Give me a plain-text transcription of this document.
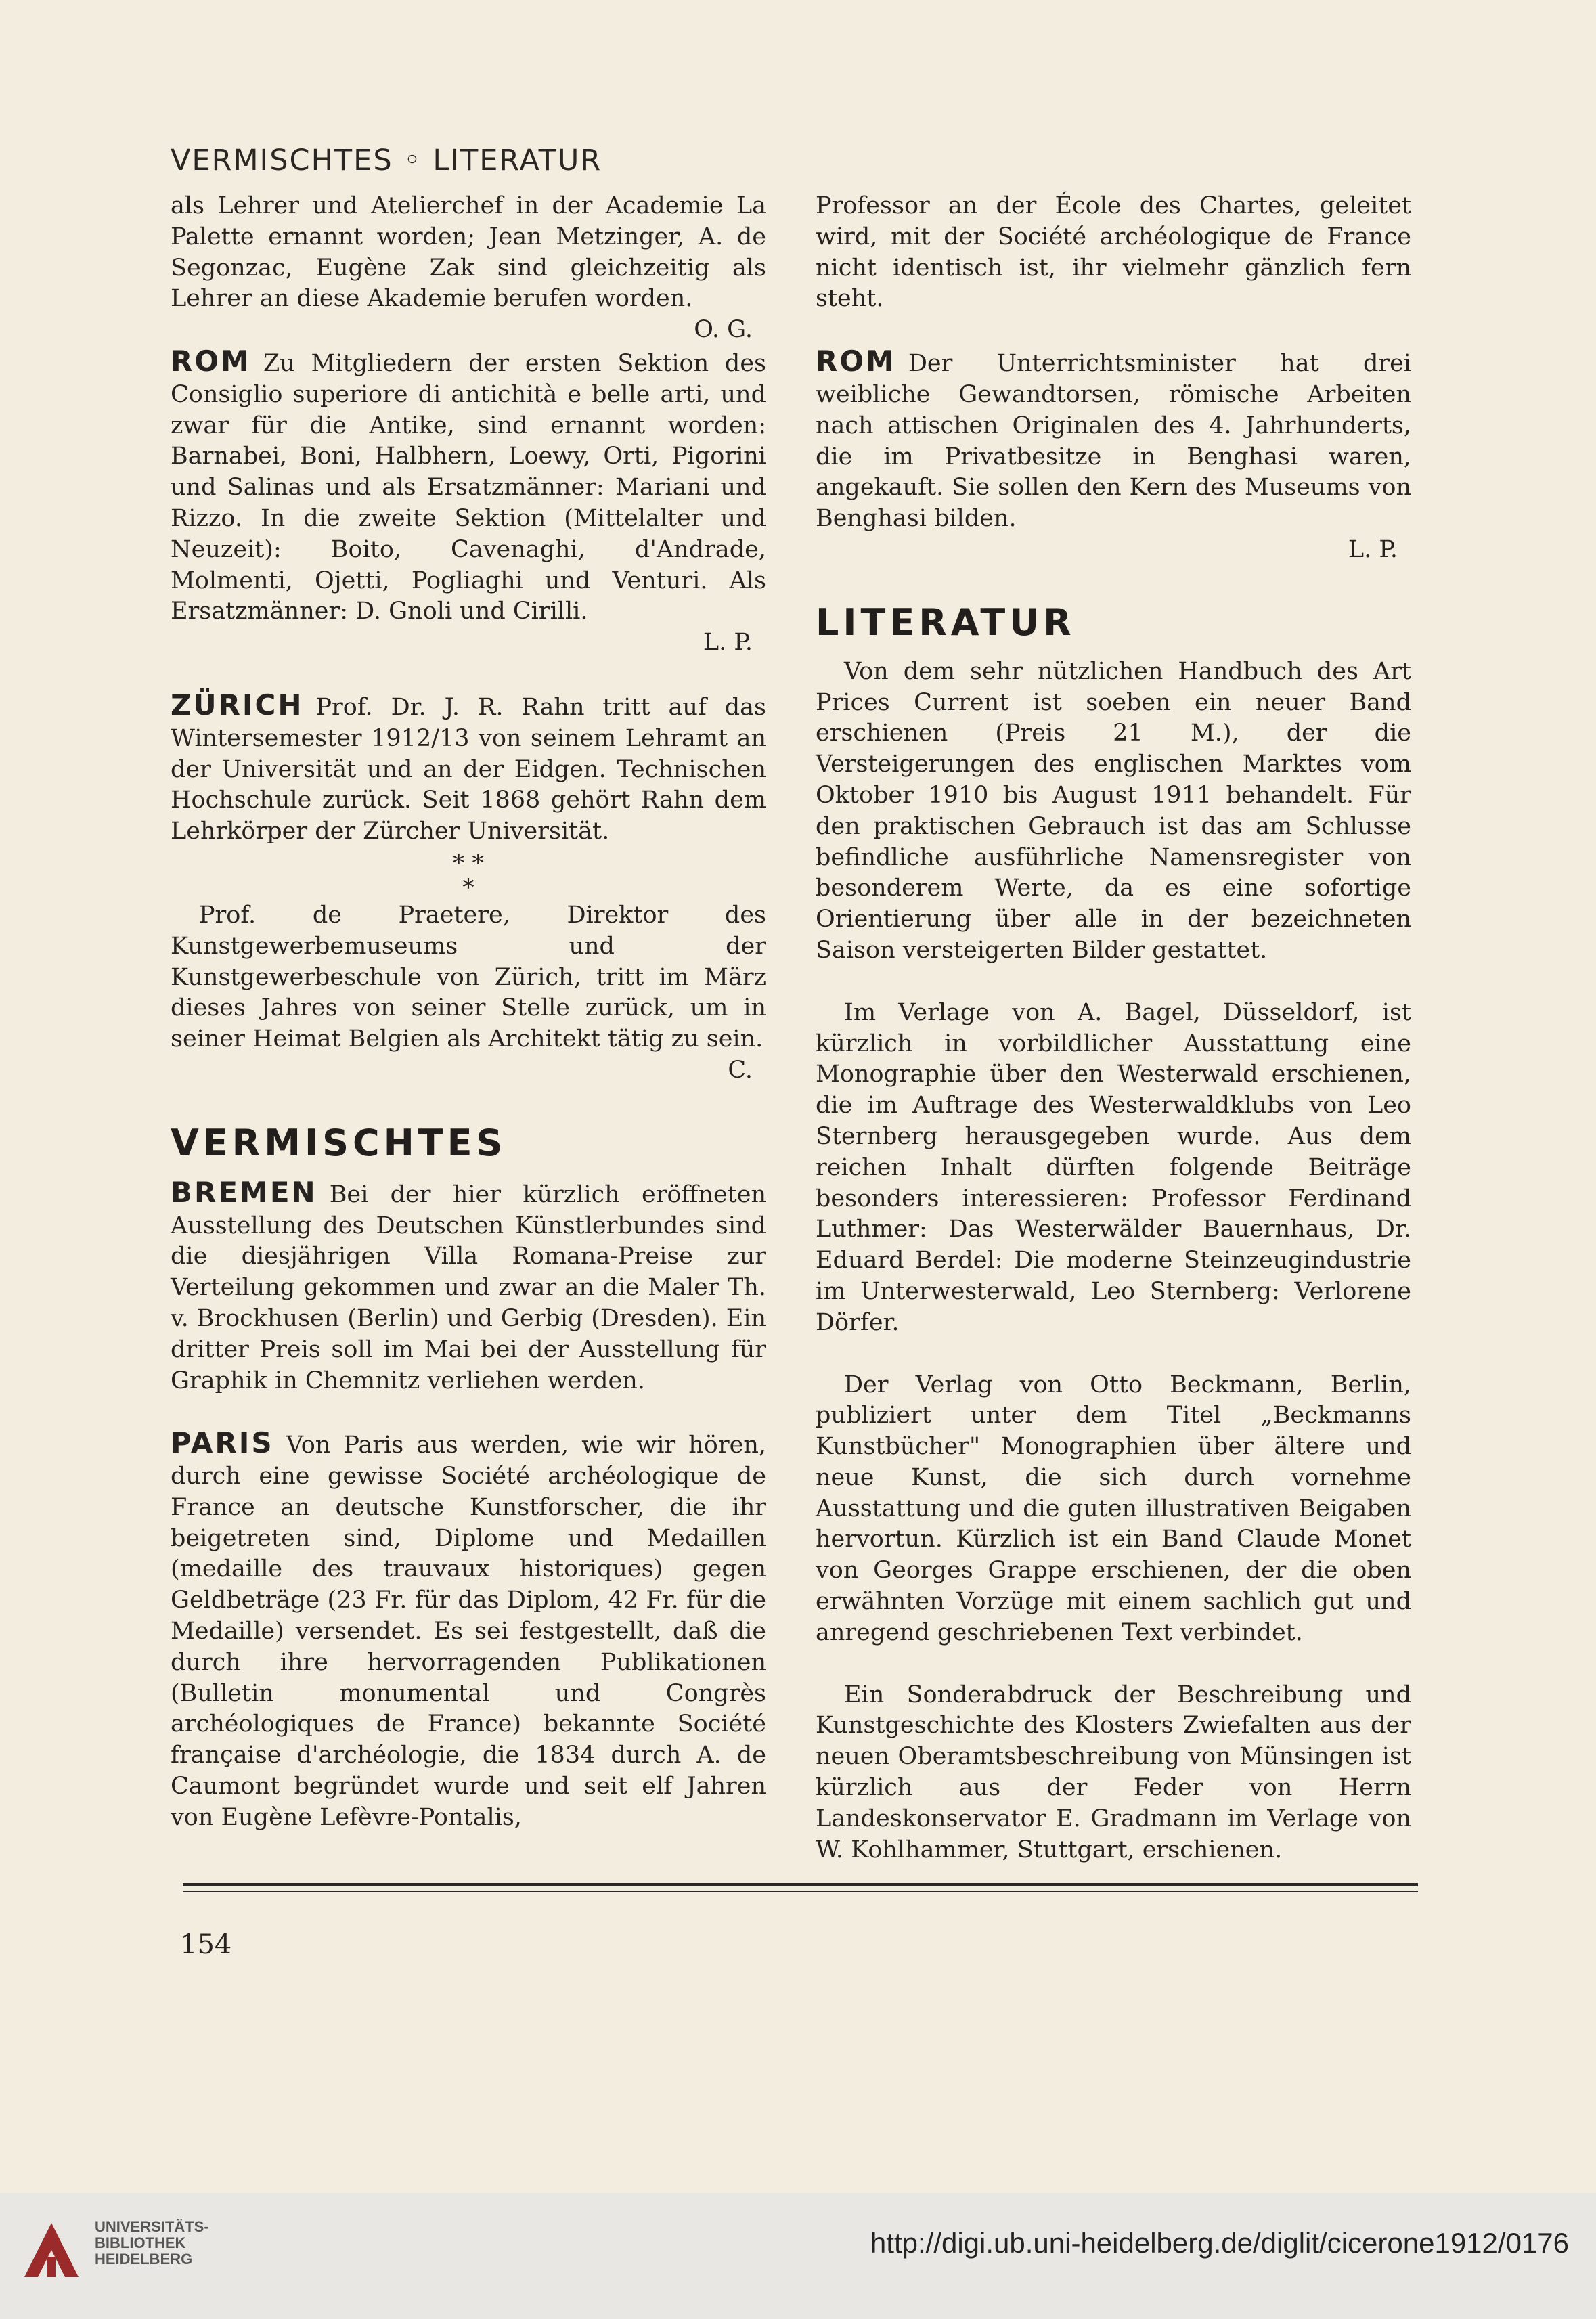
VERMISCHTES ◦ LITERATUR

als Lehrer und Atelierchef in der Academie La Palette ernannt worden; Jean Metzinger, A. de Segonzac, Eugène Zak sind gleichzeitig als Lehrer an diese Akademie berufen worden.

O. G.

ROM Zu Mitgliedern der ersten Sektion des Consiglio superiore di antichità e belle arti, und zwar für die Antike, sind ernannt worden: Barnabei, Boni, Halbhern, Loewy, Orti, Pigorini und Salinas und als Ersatzmänner: Mariani und Rizzo. In die zweite Sektion (Mittelalter und Neuzeit): Boito, Cavenaghi, d'Andrade, Molmenti, Ojetti, Pogliaghi und Venturi. Als Ersatzmänner: D. Gnoli und Cirilli.

L. P.

ZÜRICH Prof. Dr. J. R. Rahn tritt auf das Wintersemester 1912/13 von seinem Lehramt an der Universität und an der Eidgen. Technischen Hochschule zurück. Seit 1868 gehört Rahn dem Lehrkörper der Zürcher Universität.

* *

*

Prof. de Praetere, Direktor des Kunstgewerbemuseums und der Kunstgewerbeschule von Zürich, tritt im März dieses Jahres von seiner Stelle zurück, um in seiner Heimat Belgien als Architekt tätig zu sein.

C.

VERMISCHTES

BREMEN Bei der hier kürzlich eröffneten Ausstellung des Deutschen Künstlerbundes sind die diesjährigen Villa Romana-Preise zur Verteilung gekommen und zwar an die Maler Th. v. Brockhusen (Berlin) und Gerbig (Dresden). Ein dritter Preis soll im Mai bei der Ausstellung für Graphik in Chemnitz verliehen werden.

PARIS Von Paris aus werden, wie wir hören, durch eine gewisse Société archéologique de France an deutsche Kunstforscher, die ihr beigetreten sind, Diplome und Medaillen (medaille des trauvaux historiques) gegen Geldbeträge (23 Fr. für das Diplom, 42 Fr. für die Medaille) versendet. Es sei festgestellt, daß die durch ihre hervorragenden Publikationen (Bulletin monumental und Congrès archéologiques de France) bekannte Société française d'archéologie, die 1834 durch A. de Caumont begründet wurde und seit elf Jahren von Eugène Lefèvre-Pontalis,

Professor an der École des Chartes, geleitet wird, mit der Société archéologique de France nicht identisch ist, ihr vielmehr gänzlich fern steht.

ROM Der Unterrichtsminister hat drei weibliche Gewandtorsen, römische Arbeiten nach attischen Originalen des 4. Jahrhunderts, die im Privatbesitze in Benghasi waren, angekauft. Sie sollen den Kern des Museums von Benghasi bilden.

L. P.

LITERATUR

Von dem sehr nützlichen Handbuch des Art Prices Current ist soeben ein neuer Band erschienen (Preis 21 M.), der die Versteigerungen des englischen Marktes vom Oktober 1910 bis August 1911 behandelt. Für den praktischen Gebrauch ist das am Schlusse befindliche ausführliche Namensregister von besonderem Werte, da es eine sofortige Orientierung über alle in der bezeichneten Saison versteigerten Bilder gestattet.

Im Verlage von A. Bagel, Düsseldorf, ist kürzlich in vorbildlicher Ausstattung eine Monographie über den Westerwald erschienen, die im Auftrage des Westerwaldklubs von Leo Sternberg herausgegeben wurde. Aus dem reichen Inhalt dürften folgende Beiträge besonders interessieren: Professor Ferdinand Luthmer: Das Westerwälder Bauernhaus, Dr. Eduard Berdel: Die moderne Steinzeugindustrie im Unterwesterwald, Leo Sternberg: Verlorene Dörfer.

Der Verlag von Otto Beckmann, Berlin, publiziert unter dem Titel „Beckmanns Kunstbücher" Monographien über ältere und neue Kunst, die sich durch vornehme Ausstattung und die guten illustrativen Beigaben hervortun. Kürzlich ist ein Band Claude Monet von Georges Grappe erschienen, der die oben erwähnten Vorzüge mit einem sachlich gut und anregend geschriebenen Text verbindet.

Ein Sonderabdruck der Beschreibung und Kunstgeschichte des Klosters Zwiefalten aus der neuen Oberamtsbeschreibung von Münsingen ist kürzlich aus der Feder von Herrn Landeskonservator E. Gradmann im Verlage von W. Kohlhammer, Stuttgart, erschienen.

154
UNIVERSITÄTS-
BIBLIOTHEK
HEIDELBERG
http://digi.ub.uni-heidelberg.de/diglit/cicerone1912/0176
